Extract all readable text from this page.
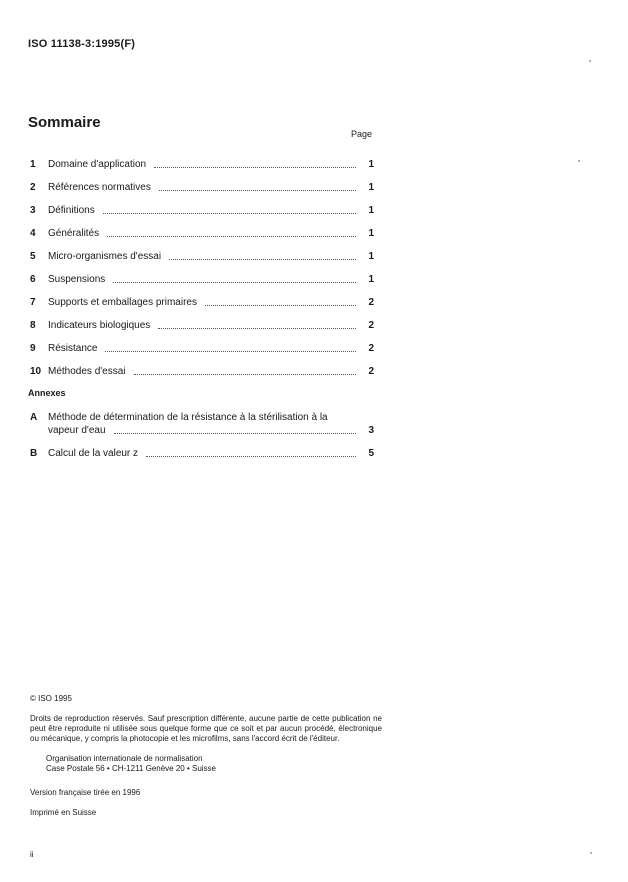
ISO 11138-3:1995(F)
Sommaire
Page
1	Domaine d'application	1
2	Références normatives	1
3	Définitions	1
4	Généralités	1
5	Micro-organismes d'essai	1
6	Suspensions	1
7	Supports et emballages primaires	2
8	Indicateurs biologiques	2
9	Résistance	2
10 Méthodes d'essai	2
Annexes
A	Méthode de détermination de la résistance à la stérilisation à la
vapeur d'eau	3
B	Calcul de la valeur z	5
© ISO 1995
Droits de reproduction réservés. Sauf prescription différente, aucune partie de cette publication ne peut être reproduite ni utilisée sous quelque forme que ce soit et par aucun procédé, électronique ou mécanique, y compris la photocopie et les microfilms, sans l'accord écrit de l'éditeur.
Organisation internationale de normalisation
Case Postale 56 • CH-1211 Genève 20 • Suisse
Version française tirée en 1996
Imprimé en Suisse
ii
